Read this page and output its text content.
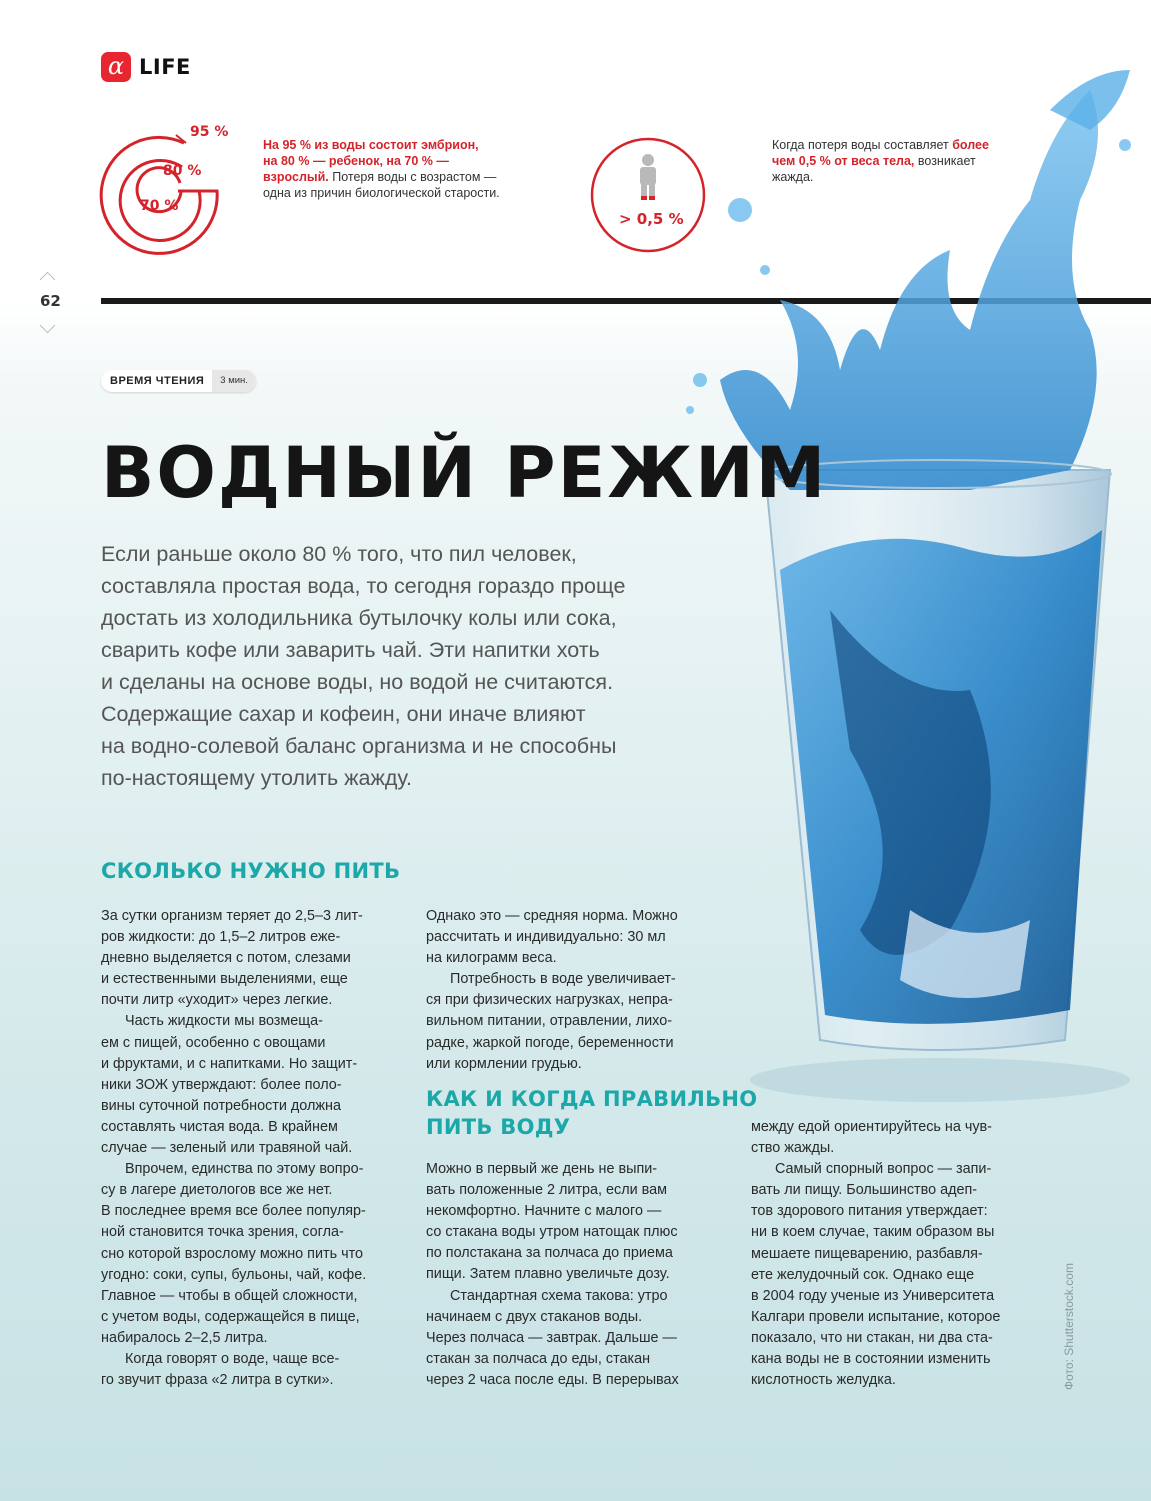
α LIFE
95 %
80 %
70 %
На 95 % из воды состоит эмбрион,
на 80 % — ребенок, на 70 % —
взрослый. Потеря воды с возрастом —
одна из причин биологической старости.
> 0,5 %
Когда потеря воды составляет более
чем 0,5 % от веса тела, возникает
жажда.
62
ВРЕМЯ ЧТЕНИЯ	3 мин.
ВОДНЫЙ РЕЖИМ
Если раньше около 80 % того, что пил человек,
составляла простая вода, то сегодня гораздо проще
достать из холодильника бутылочку колы или сока,
сварить кофе или заварить чай. Эти напитки хоть
и сделаны на основе воды, но водой не считаются.
Содержащие сахар и кофеин, они иначе влияют
на водно-солевой баланс организма и не способны
по-настоящему утолить жажду.
СКОЛЬКО НУЖНО ПИТЬ
За сутки организм теряет до 2,5–3 лит-
ров жидкости: до 1,5–2 литров еже-
дневно выделяется с потом, слезами
и естественными выделениями, еще
почти литр «уходит» через легкие.
Часть жидкости мы возмеща-
ем с пищей, особенно с овощами
и фруктами, и с напитками. Но защит-
ники ЗОЖ утверждают: более поло-
вины суточной потребности должна
составлять чистая вода. В крайнем
случае — зеленый или травяной чай.
Впрочем, единства по этому вопро-
су в лагере диетологов все же нет.
В последнее время все более популяр-
ной становится точка зрения, согла-
сно которой взрослому можно пить что
угодно: соки, супы, бульоны, чай, кофе.
Главное — чтобы в общей сложности,
с учетом воды, содержащейся в пище,
набиралось 2–2,5 литра.
Когда говорят о воде, чаще все-
го звучит фраза «2 литра в сутки».
Однако это — средняя норма. Можно
рассчитать и индивидуально: 30 мл
на килограмм веса.
Потребность в воде увеличивает-
ся при физических нагрузках, непра-
вильном питании, отравлении, лихо-
радке, жаркой погоде, беременности
или кормлении грудью.
КАК И КОГДА ПРАВИЛЬНО
ПИТЬ ВОДУ
Можно в первый же день не выпи-
вать положенные 2 литра, если вам
некомфортно. Начните с малого —
со стакана воды утром натощак плюс
по полстакана за полчаса до приема
пищи. Затем плавно увеличьте дозу.
Стандартная схема такова: утро
начинаем с двух стаканов воды.
Через полчаса — завтрак. Дальше —
стакан за полчаса до еды, стакан
через 2 часа после еды. В перерывах
между едой ориентируйтесь на чув-
ство жажды.
Самый спорный вопрос — запи-
вать ли пищу. Большинство адеп-
тов здорового питания утверждает:
ни в коем случае, таким образом вы
мешаете пищеварению, разбавля-
ете желудочный сок. Однако еще
в 2004 году ученые из Университета
Калгари провели испытание, которое
показало, что ни стакан, ни два ста-
кана воды не в состоянии изменить
кислотность желудка.	Фото: Shutterstock.com
